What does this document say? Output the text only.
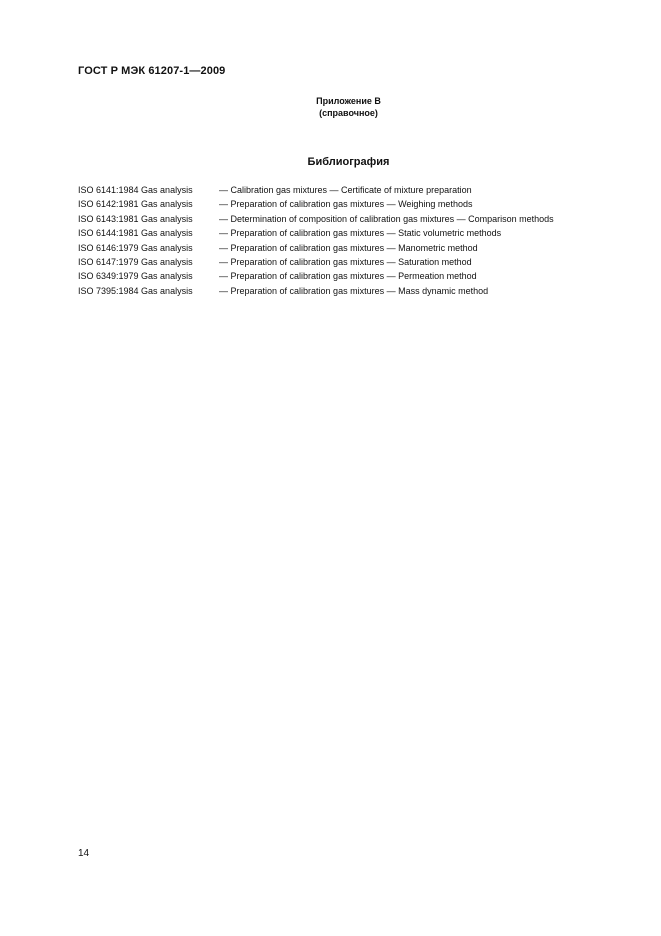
ГОСТ Р МЭК 61207-1—2009
Приложение В
(справочное)
Библиография
ISO 6141:1984 Gas analysis	— Calibration gas mixtures — Certificate of mixture preparation
ISO 6142:1981 Gas analysis	— Preparation of calibration gas mixtures — Weighing methods
ISO 6143:1981 Gas analysis	— Determination of composition of calibration gas mixtures — Comparison methods
ISO 6144:1981 Gas analysis	— Preparation of calibration gas mixtures — Static volumetric methods
ISO 6146:1979 Gas analysis	— Preparation of calibration gas mixtures — Manometric method
ISO 6147:1979 Gas analysis	— Preparation of calibration gas mixtures — Saturation method
ISO 6349:1979 Gas analysis	— Preparation of calibration gas mixtures — Permeation method
ISO 7395:1984 Gas analysis	— Preparation of calibration gas mixtures — Mass dynamic method
14
